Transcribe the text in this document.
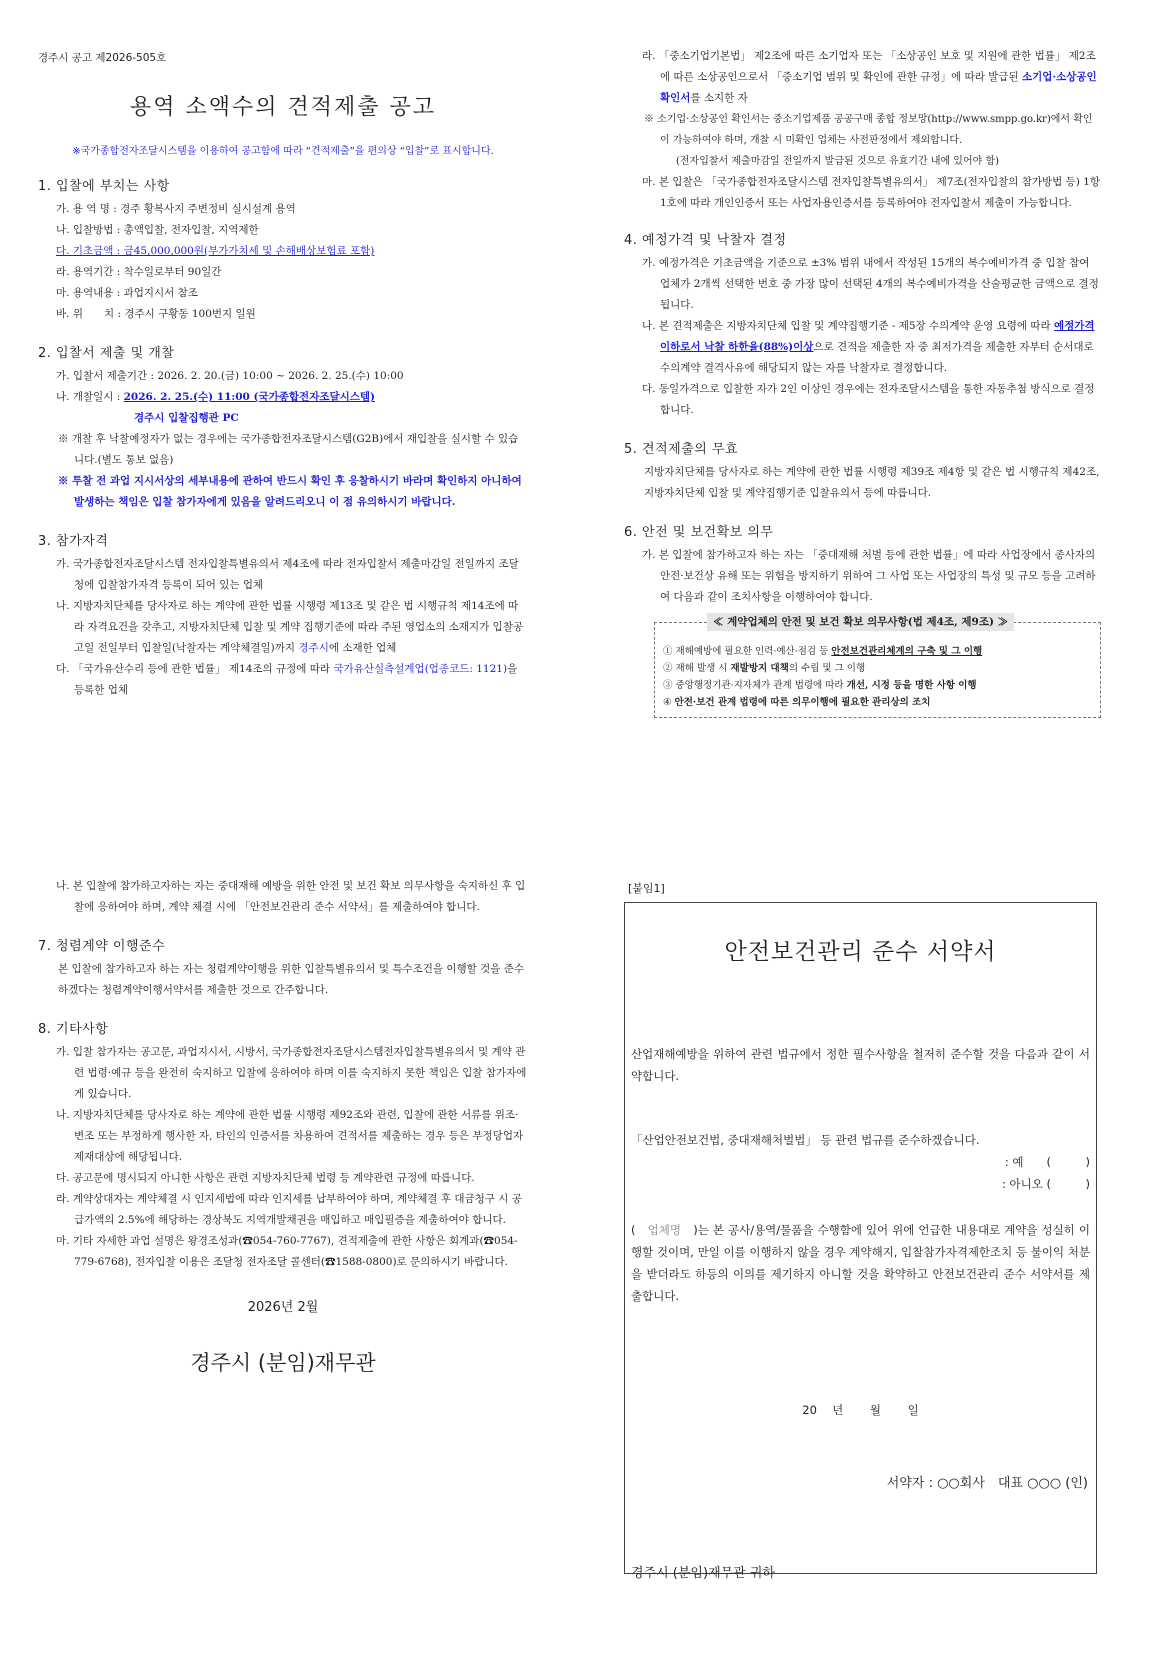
경주시 공고 제2026-505호
용역 소액수의 견적제출 공고
※국가종합전자조달시스템을 이용하여 공고함에 따라 “견적제출”을 편의상 “입찰”로 표시합니다.
1. 입찰에 부치는 사항

가. 용 역 명 : 경주 황복사지 주변정비 실시설계 용역

나. 입찰방법 : 총액입찰, 전자입찰, 지역제한

다. 기초금액 : 금45,000,000원(부가가치세 및 손해배상보험료 포함)

라. 용역기간 : 착수일로부터 90일간

마. 용역내용 : 과업지시서 참조

바. 위　　치 : 경주시 구황동 100번지 일원

2. 입찰서 제출 및 개찰

가. 입찰서 제출기간 : 2026. 2. 20.(금) 10:00 ~ 2026. 2. 25.(수) 10:00

나. 개찰일시 : 2026. 2. 25.(수) 11:00 (국가종합전자조달시스템)

경주시 입찰집행관 PC

※ 개찰 후 낙찰예정자가 없는 경우에는 국가종합전자조달시스템(G2B)에서 재입찰을 실시할 수 있습니다.(별도 통보 없음)

※ 투찰 전 과업 지시서상의 세부내용에 관하여 반드시 확인 후 응찰하시기 바라며 확인하지 아니하여 발생하는 책임은 입찰 참가자에게 있음을 알려드리오니 이 점 유의하시기 바랍니다.

3. 참가자격

가. 국가종합전자조달시스템 전자입찰특별유의서 제4조에 따라 전자입찰서 제출마감일 전일까지 조달청에 입찰참가자격 등록이 되어 있는 업체

나. 지방자치단체를 당사자로 하는 계약에 관한 법률 시행령 제13조 및 같은 법 시행규칙 제14조에 따라 자격요건을 갖추고, 지방자치단체 입찰 및 계약 집행기준에 따라 주된 영업소의 소재지가 입찰공고일 전일부터 입찰일(낙찰자는 계약체결일)까지 경주시에 소재한 업체

다. 「국가유산수리 등에 관한 법률」 제14조의 규정에 따라 국가유산실측설계업(업종코드: 1121)을 등록한 업체

라. 「중소기업기본법」 제2조에 따른 소기업자 또는 「소상공인 보호 및 지원에 관한 법률」 제2조에 따른 소상공인으로서 「중소기업 범위 및 확인에 관한 규정」에 따라 발급된 소기업·소상공인확인서를 소지한 자

※ 소기업·소상공인 확인서는 중소기업제품 공공구매 종합 정보망(http://www.smpp.go.kr)에서 확인이 가능하여야 하며, 개찰 시 미확인 업체는 사전판정에서 제외합니다.

(전자입찰서 제출마감일 전일까지 발급된 것으로 유효기간 내에 있어야 함)

마. 본 입찰은 「국가종합전자조달시스템 전자입찰특별유의서」 제7조(전자입찰의 참가방법 등) 1항 1호에 따라 개인인증서 또는 사업자용인증서를 등록하여야 전자입찰서 제출이 가능합니다.

4. 예정가격 및 낙찰자 결정

가. 예정가격은 기초금액을 기준으로 ±3% 범위 내에서 작성된 15개의 복수예비가격 중 입찰 참여 업체가 2개씩 선택한 번호 중 가장 많이 선택된 4개의 복수예비가격을 산술평균한 금액으로 결정됩니다.

나. 본 견적제출은 지방자치단체 입찰 및 계약집행기준 - 제5장 수의계약 운영 요령에 따라 예정가격 이하로서 낙찰 하한율(88%)이상으로 견적을 제출한 자 중 최저가격을 제출한 자부터 순서대로 수의계약 결격사유에 해당되지 않는 자를 낙찰자로 결정합니다.

다. 동일가격으로 입찰한 자가 2인 이상인 경우에는 전자조달시스템을 통한 자동추첨 방식으로 결정합니다.

5. 견적제출의 무효

지방자치단체를 당사자로 하는 계약에 관한 법률 시행령 제39조 제4항 및 같은 법 시행규칙 제42조, 지방자치단체 입찰 및 계약집행기준 입찰유의서 등에 따릅니다.

6. 안전 및 보건확보 의무

가. 본 입찰에 참가하고자 하는 자는 「중대재해 처벌 등에 관한 법률」에 따라 사업장에서 종사자의 안전·보건상 유해 또는 위험을 방지하기 위하여 그 사업 또는 사업장의 특성 및 규모 등을 고려하여 다음과 같이 조치사항을 이행하여야 합니다.

≪ 계약업체의 안전 및 보건 확보 의무사항(법 제4조, 제9조) ≫
① 재해예방에 필요한 인력·예산·점검 등 안전보건관리체계의 구축 및 그 이행
② 재해 발생 시 재발방지 대책의 수립 및 그 이행
③ 중앙행정기관·지자체가 관계 법령에 따라 개선, 시정 등을 명한 사항 이행
④ 안전·보건 관계 법령에 따른 의무이행에 필요한 관리상의 조치

나. 본 입찰에 참가하고자하는 자는 중대재해 예방을 위한 안전 및 보건 확보 의무사항을 숙지하신 후 입찰에 응하여야 하며, 계약 체결 시에 「안전보건관리 준수 서약서」를 제출하여야 합니다.

7. 청렴계약 이행준수

본 입찰에 참가하고자 하는 자는 청렴계약이행을 위한 입찰특별유의서 및 특수조건을 이행할 것을 준수하겠다는 청렴계약이행서약서를 제출한 것으로 간주합니다.

8. 기타사항

가. 입찰 참가자는 공고문, 과업지시서, 시방서, 국가종합전자조달시스템전자입찰특별유의서 및 계약 관련 법령·예규 등을 완전히 숙지하고 입찰에 응하여야 하며 이를 숙지하지 못한 책임은 입찰 참가자에게 있습니다.

나. 지방자치단체를 당사자로 하는 계약에 관한 법률 시행령 제92조와 관련, 입찰에 관한 서류를 위조·변조 또는 부정하게 행사한 자, 타인의 인증서를 차용하여 견적서를 제출하는 경우 등은 부정당업자 제재대상에 해당됩니다.

다. 공고문에 명시되지 아니한 사항은 관련 지방자치단체 법령 등 계약관련 규정에 따릅니다.

라. 계약상대자는 계약체결 시 인지세법에 따라 인지세를 납부하여야 하며, 계약체결 후 대금청구 시 공급가액의 2.5%에 해당하는 경상북도 지역개발채권을 매입하고 매입필증을 제출하여야 합니다.

마. 기타 자세한 과업 설명은 왕경조성과(☎054-760-7767), 견적제출에 관한 사항은 회계과(☎054-779-6768), 전자입찰 이용은 조달청 전자조달 콜센터(☎1588-0800)로 문의하시기 바랍니다.

2026년 2월
경주시 (분임)재무관
[붙임1]
안전보건관리 준수 서약서
산업재해예방을 위하여 관련 법규에서 정한 필수사항을 철저히 준수할 것을 다음과 같이 서약합니다.
「산업안전보건법, 중대재해처벌법」 등 관련 법규를 준수하겠습니다.
: 예　　(　　　)
: 아니오 (　　　)
(　업체명　)는 본 공사/용역/물품을 수행함에 있어 위에 언급한 내용대로 계약을 성실히 이행할 것이며, 만일 이를 이행하지 않을 경우 계약해지, 입찰참가자격제한조치 등 불이익 처분을 받더라도 하등의 이의를 제기하지 아니할 것을 확약하고 안전보건관리 준수 서약서를 제출합니다.
20　 년　　 월　　 일
서약자 : ○○회사　대표 ○○○ (인)
경주시 (분임)재무관 귀하
